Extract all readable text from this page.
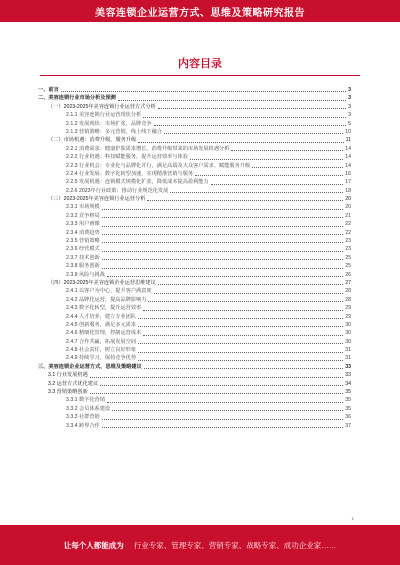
美容连锁企业运营方式、思维及策略研究报告
内容目录
一、前言	3
二、美容连锁行业市场分析及预测	3
（一）2023-2025年美容连锁行业运营方式分析	3
2.1.1 美容连锁行业运营现状分析	3
2.1.2 发展现状：市场扩张，品牌竞争	5
2.1.3 营销策略：多元营销，线上线下融合	10
（二）市场机遇：消费升级，服务升级	11
2.2.1 消费需求：健康护肤需求增长，消费升级带来的市场发展机遇分析	14
2.2.2 行业机遇：科技赋能服务，提升运营效率与体验	14
2.2.3 行业机会：专业化与品牌化并行，满足高端及大众客户需求、赋能服务升级	14
2.2.4 行业发展：数字化转型加速，实现精准营销与服务	16
2.2.5 发展机遇：连锁模式规模化扩张，降低成本提高盈利能力	17
2.2.6 2023年行业政策：推动行业规范化发展	18
（三）2023-2025年美容连锁行业运营分析	20
2.3.1 市场规模	20
2.3.2 竞争格局	21
2.3.3 用户画像	22
2.3.4 消费趋势	22
2.3.5 营销策略	23
2.3.6 经营模式	23
2.3.7 技术创新	25
2.3.8 服务创新	25
2.3.9 风险与挑战	26
（四）2023-2025年美容连锁企业运营思维建议	27
2.4.1 以客户为中心，提升客户满意度	28
2.4.2 品牌化运营，提高品牌影响力	28
2.4.3 数字化转型，提升运营效率	29
2.4.4 人才培养，建立专业团队	29
2.4.5 创新服务，满足多元需求	30
2.4.6 精细化管理，控制运营成本	30
2.4.7 合作共赢，拓展发展空间	30
2.4.8 社会责任，树立良好形象	31
2.4.9 持续学习，保持竞争优势	31
三、美容连锁企业运营方式、思维及策略建议	33
3.1 行业发展机遇	33
3.2 运营方式优化建议	34
3.3 营销策略创新	35
3.3.1 数字化营销	35
3.3.2 会员体系建设	35
3.3.3 社群营销	36
3.3.4 跨界合作	37
1
让每个人都能成为 行业专家、管理专家、营销专家、战略专家、成功企业家……
